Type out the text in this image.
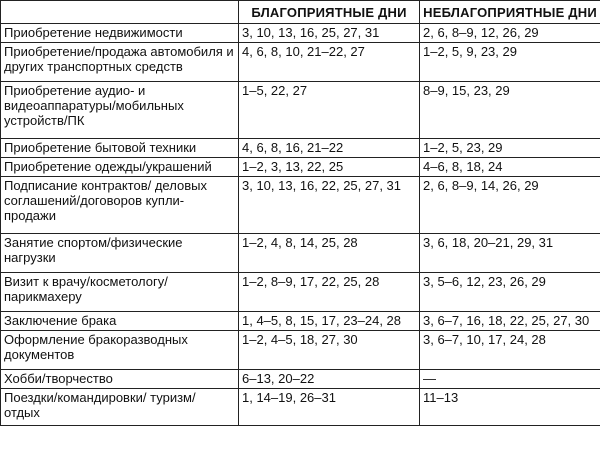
	БЛАГОПРИЯТНЫЕ ДНИ	НЕБЛАГОПРИЯТНЫЕ ДНИ
Приобретение недвижимости	3, 10, 13, 16, 25, 27, 31	2, 6, 8–9, 12, 26, 29
Приобретение/продажа автомобиля и других транспортных средств	4, 6, 8, 10, 21–22, 27	1–2, 5, 9, 23, 29
Приобретение аудио- и видеоаппаратуры/мобильных устройств/ПК	1–5, 22, 27	8–9, 15, 23, 29
Приобретение бытовой техники	4, 6, 8, 16, 21–22	1–2, 5, 23, 29
Приобретение одежды/украшений	1–2, 3, 13, 22, 25	4–6, 8, 18, 24
Подписание контрактов/ деловых соглашений/договоров купли-продажи	3, 10, 13, 16, 22, 25, 27, 31	2, 6, 8–9, 14, 26, 29
Занятие спортом/физические нагрузки	1–2, 4, 8, 14, 25, 28	3, 6, 18, 20–21, 29, 31
Визит к врачу/косметологу/ парикмахеру	1–2, 8–9, 17, 22, 25, 28	3, 5–6, 12, 23, 26, 29
Заключение брака	1, 4–5, 8, 15, 17, 23–24, 28	3, 6–7, 16, 18, 22, 25, 27, 30
Оформление бракоразводных документов	1–2, 4–5, 18, 27, 30	3, 6–7, 10, 17, 24, 28
Хобби/творчество	6–13, 20–22	—
Поездки/командировки/ туризм/ отдых	1, 14–19, 26–31	11–13
